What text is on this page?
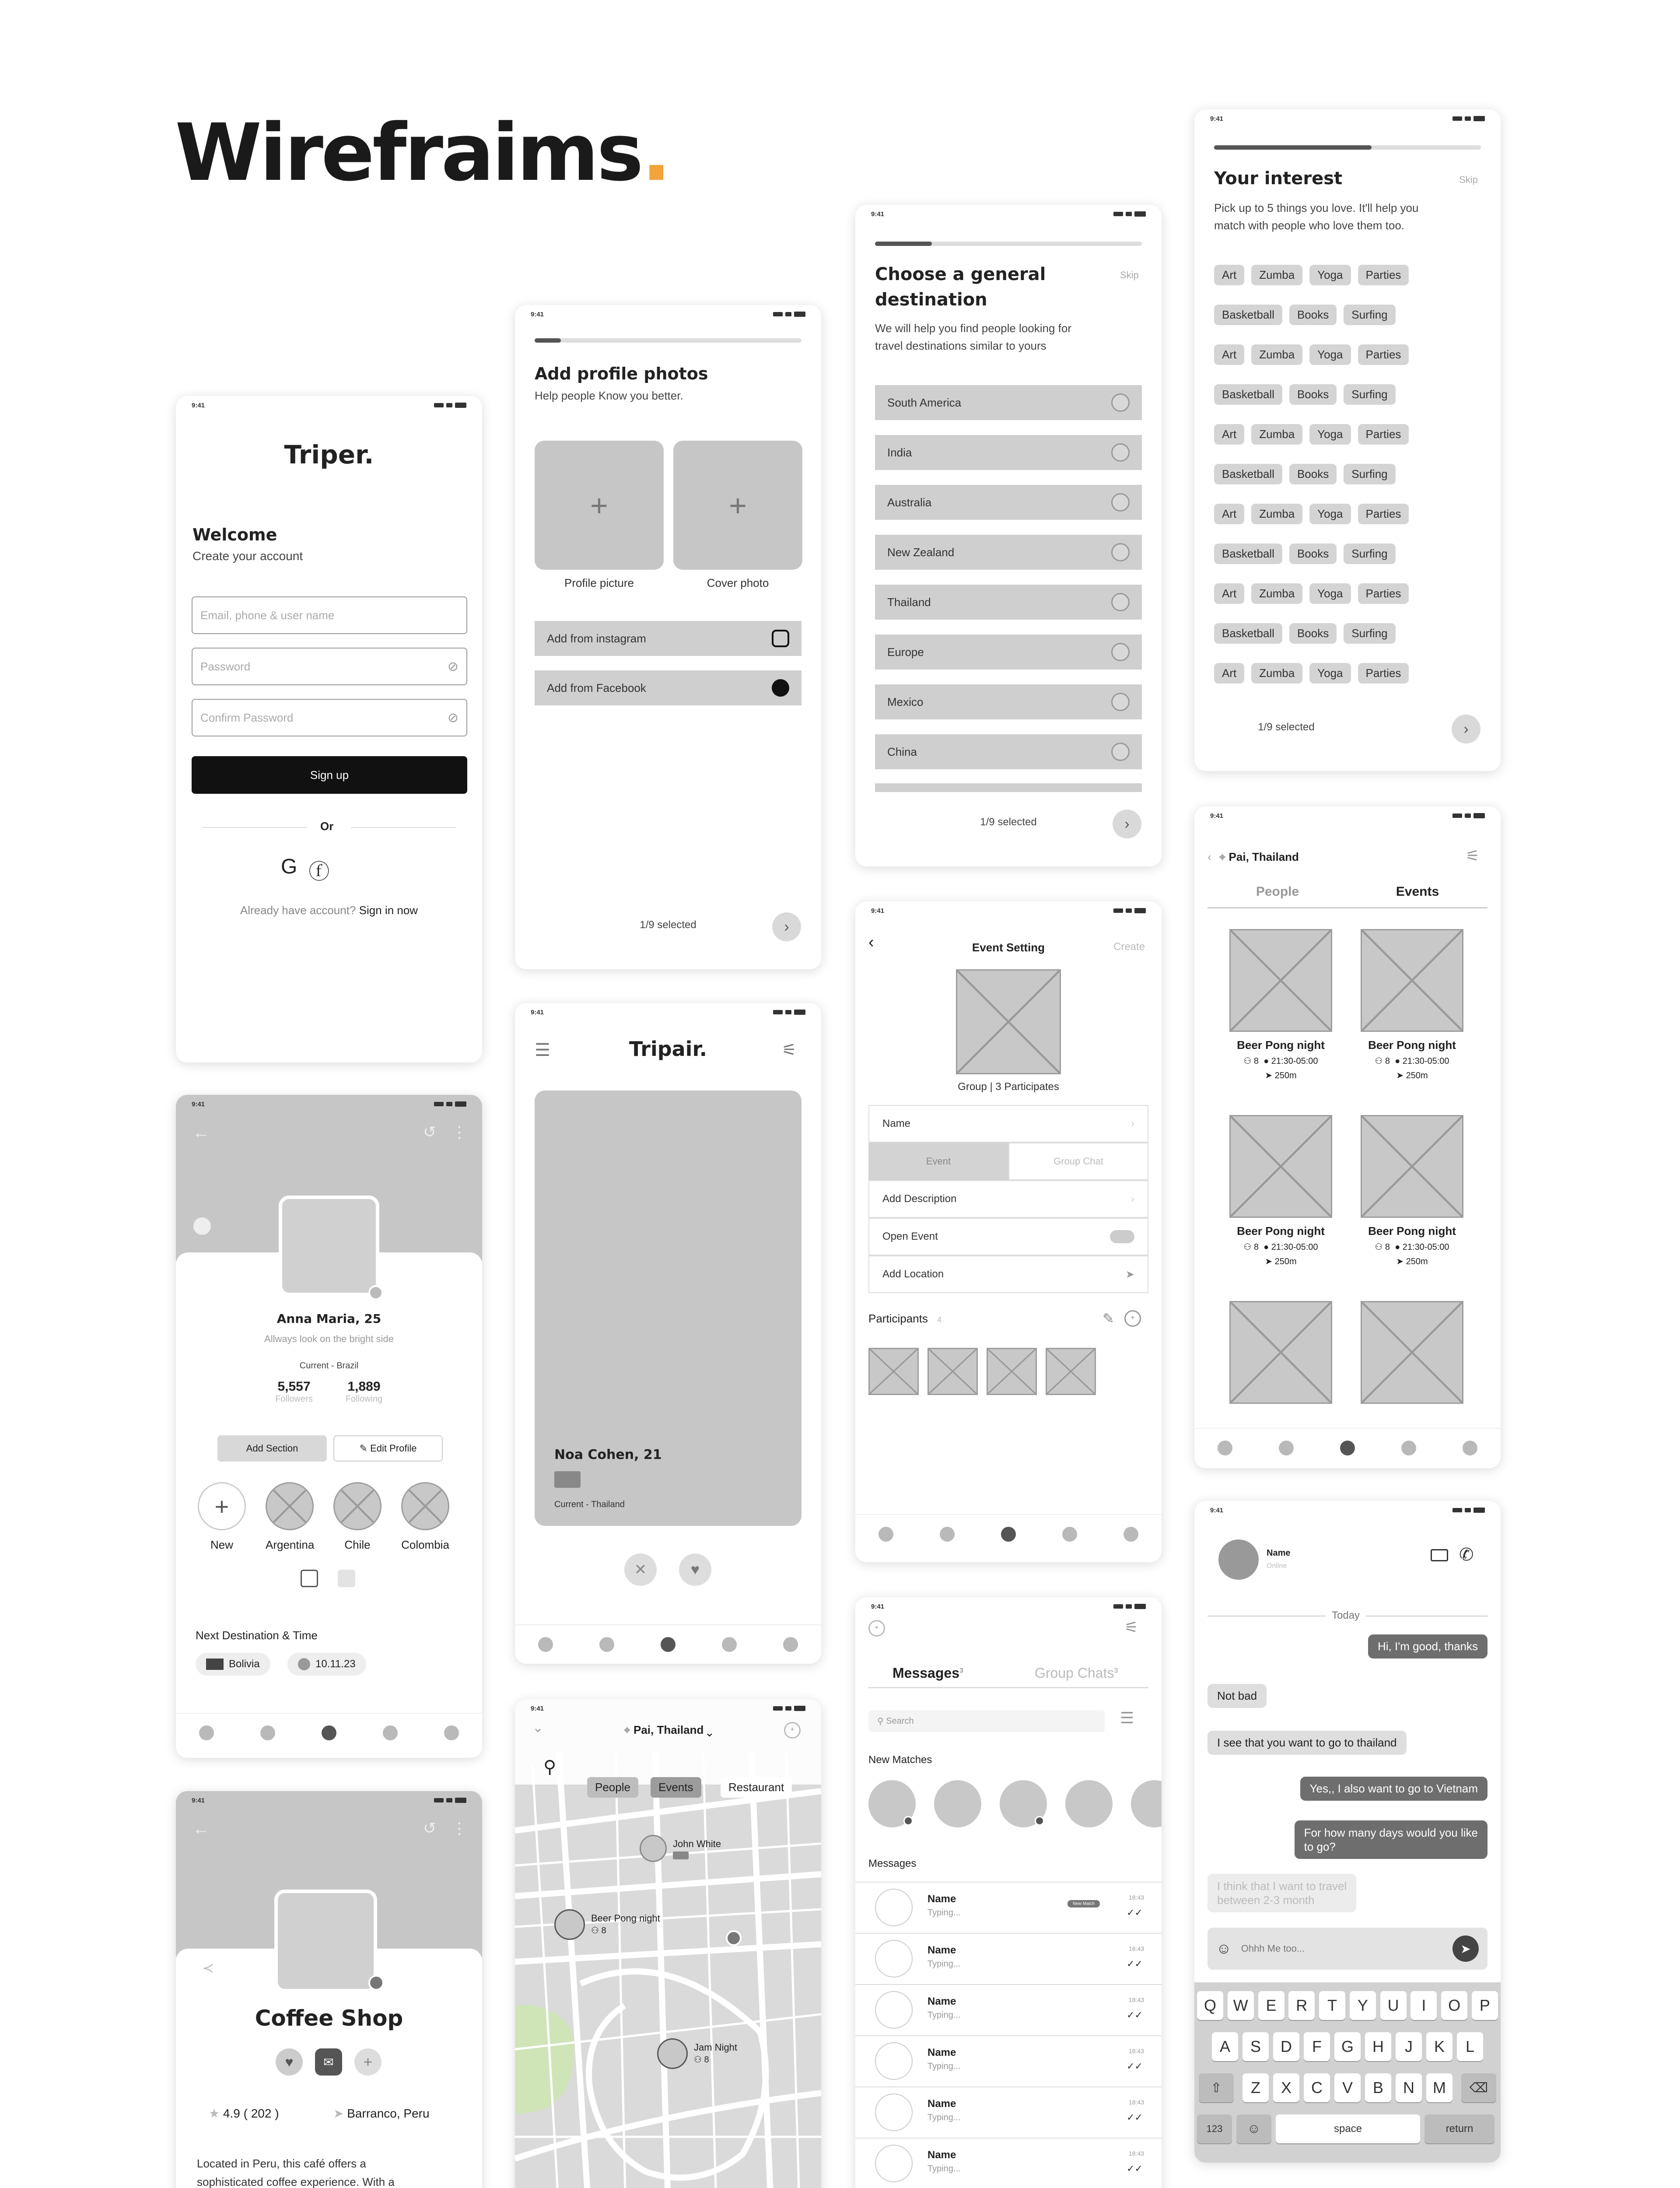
Wirefraims.
9:41
Triper.
Welcome
Create your account
Email, phone & user name
Password	⊘
Confirm Password	⊘
Sign up
Or
G ⓕ
Already have account? Sign in now
9:41
Add profile photos
Help people Know you better.
+	+
Profile picture	Cover photo
Add from instagram
Add from Facebook
1/9 selected	›
9:41
Choose a general
destination
Skip
We will help you find people looking for
travel destinations similar to yours
South America
India
Australia
New Zealand
Thailand
Europe
Mexico
China
1/9 selected	›
9:41
Your interest	Skip
Pick up to 5 things you love. It'll help you
match with people who love them too.
Art	Zumba	Yoga	Parties
Basketball	Books	Surfing
Art	Zumba	Yoga	Parties
Basketball	Books	Surfing
Art	Zumba	Yoga	Parties
Basketball	Books	Surfing
Art	Zumba	Yoga	Parties
Basketball	Books	Surfing
Art	Zumba	Yoga	Parties
Basketball	Books	Surfing
Art	Zumba	Yoga	Parties
1/9 selected	›
9:41
←	↺ ⋮
Anna Maria, 25
Allways look on the bright side
Current - Brazil
5,557
Followers
1,889
Following
Add Section	✎ Edit Profile
+
New	Argentina	Chile	Colombia
Next Destination & Time
Bolivia	10.11.23
9:41
☰	Tripair.	⚟
Noa Cohen, 21
Current - Thailand
✕	♥
9:41
‹	Event Setting	Create
Group | 3 Participates
Name	›
Event	Group Chat
Add Description	›
Open Event
Add Location	➤
Participants 4	✎	+
9:41
‹ ⌖ Pai, Thailand	⚟
People	Events
Beer Pong night
⚇ 8  ● 21:30-05:00
➤ 250m
Beer Pong night
⚇ 8  ● 21:30-05:00
➤ 250m
Beer Pong night
⚇ 8  ● 21:30-05:00
➤ 250m
Beer Pong night
⚇ 8  ● 21:30-05:00
➤ 250m
9:41
←	↺ ⋮
≺
Coffee Shop
♥	✉	+
★ 4.9 ( 202 )	➤ Barranco, Peru
Located in Peru, this café offers a
sophisticated coffee experience. With a
9:41
⌄	⌖ Pai, Thailand ⌄	+
⚲
People	Events	Restaurant
John White
Beer Pong night
⚇ 8
Jam Night
⚇ 8
9:41
+	⚟
Messages$^3$	Group Chats$^3$
⚲ Search	☰
New Matches
Messages
Name
Typing...
New Match
18:43
✓✓
Name
Typing...
18:43
✓✓
Name
Typing...
18:43
✓✓
Name
Typing...
18:43
✓✓
Name
Typing...
18:43
✓✓
Name
Typing...
18:43
✓✓
9:41
Name
Online
✆
Today
Hi, I'm good, thanks
Not bad
I see that you want to go to thailand
Yes,, I also want to go to Vietnam
For how many days would you like
to go?
I think that I want to travel
between 2-3 month
☺ Ohhh Me too...	➤
Q	W	E	R	T	Y	U	I	O	P
A	S	D	F	G	H	J	K	L
⇧	Z	X	C	V	B	N	M	⌫
123	☺	space	return
